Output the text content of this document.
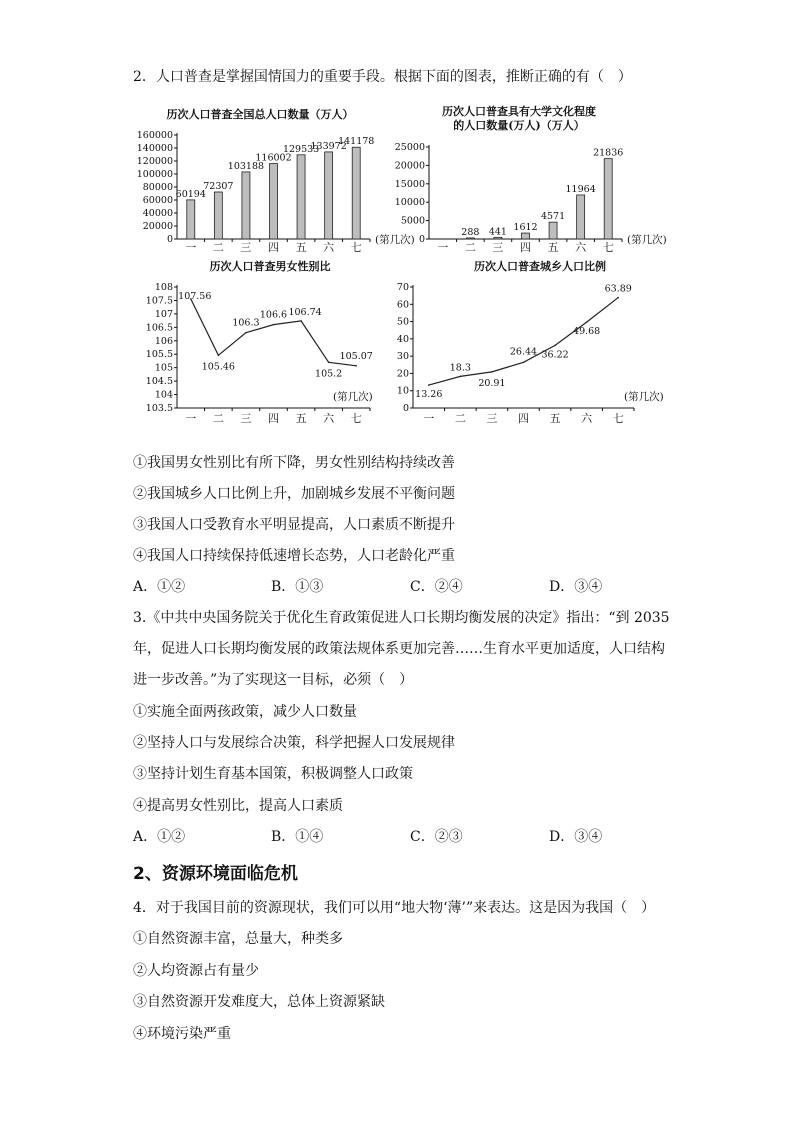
2．人口普查是掌握国情国力的重要手段。根据下面的图表，推断正确的有（　）
历次人口普查全国总人口数量（万人）
0
20000
40000
60000
80000
100000
120000
140000
160000
一 二 三 四 五 六 七
(第几次)
60194
72307
103188
116002
129533
133972
141178
历次人口普查具有大学文化程度
的人口数量(万人)（万人）
0
5000
10000
15000
20000
25000
一 二 三 四 五 六 七
(第几次)
288 441 1612
4571
11964
21836
历次人口普查男女性别比
103.5
104
104.5
105
105.5
106
106.5
107
107.5
108
一 二 三 四 五 六 七
(第几次)
107.56
105.46
106.3
106.6 106.74
105.2
105.07
历次人口普查城乡人口比例
0
10
20
30
40
50
60
70
一 二 三 四 五 六 七
(第几次)
13.26
18.3
20.91
26.44 36.22
49.68
63.89
①我国男女性别比有所下降，男女性别结构持续改善
②我国城乡人口比例上升，加剧城乡发展不平衡问题
③我国人口受教育水平明显提高，人口素质不断提升
④我国人口持续保持低速增长态势，人口老龄化严重
A．①②	B．①③	C．②④	D．③④
3.《中共中央国务院关于优化生育政策促进人口长期均衡发展的决定》指出：“到 2035
年，促进人口长期均衡发展的政策法规体系更加完善……生育水平更加适度，人口结构
进一步改善。”为了实现这一目标，必须（　）
①实施全面两孩政策，减少人口数量
②坚持人口与发展综合决策，科学把握人口发展规律
③坚持计划生育基本国策，积极调整人口政策
④提高男女性别比，提高人口素质
A．①②	B．①④	C．②③	D．③④
2、资源环境面临危机
4．对于我国目前的资源现状，我们可以用“地大物‘薄’”来表达。这是因为我国（　）
①自然资源丰富，总量大，种类多
②人均资源占有量少
③自然资源开发难度大，总体上资源紧缺
④环境污染严重
